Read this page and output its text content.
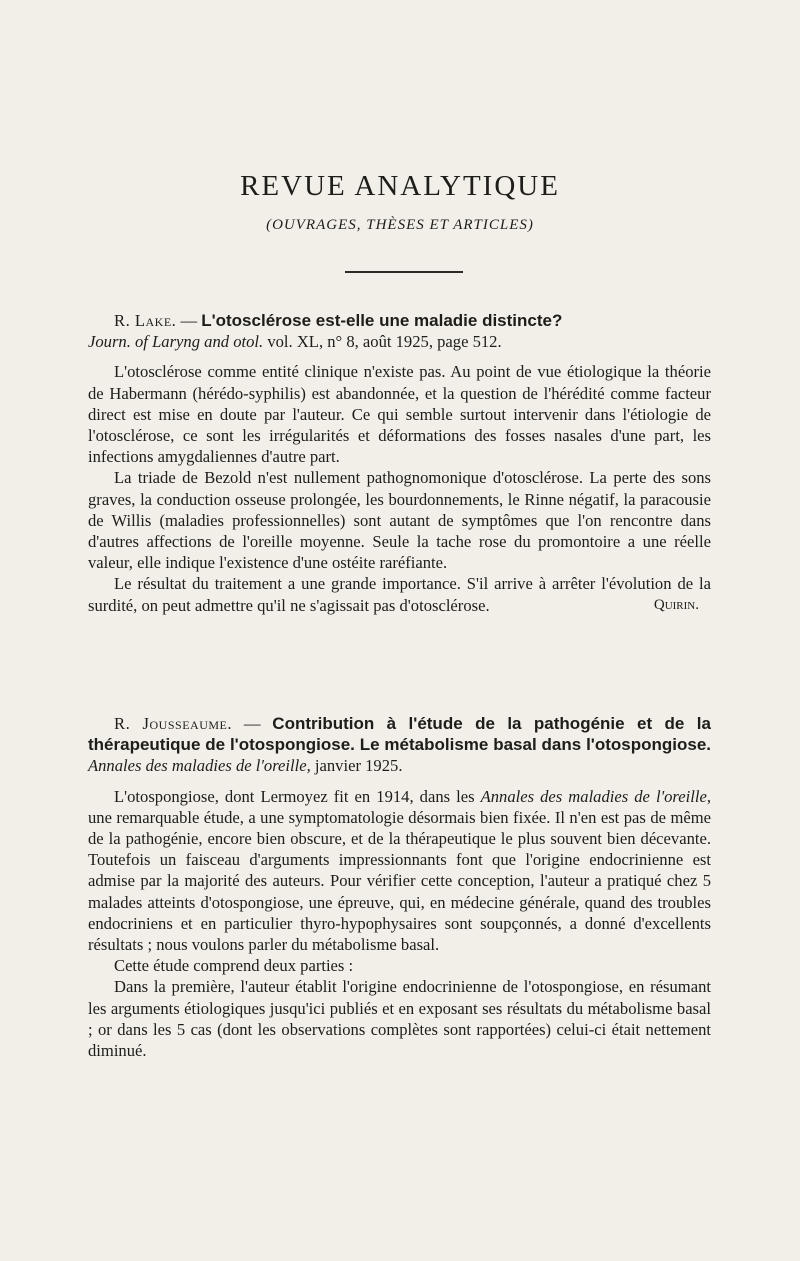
REVUE ANALYTIQUE
(OUVRAGES, THÈSES ET ARTICLES)

R. Lake. — L'otosclérose est-elle une maladie distincte?
Journ. of Laryng and otol. vol. XL, n° 8, août 1925, page 512.

L'otosclérose comme entité clinique n'existe pas. Au point de vue étiologique la théorie de Habermann (hérédo-syphilis) est abandonnée, et la question de l'hérédité comme facteur direct est mise en doute par l'auteur. Ce qui semble surtout intervenir dans l'étiologie de l'otosclérose, ce sont les irrégularités et déformations des fosses nasales d'une part, les infections amygdaliennes d'autre part.

La triade de Bezold n'est nullement pathognomonique d'otosclérose. La perte des sons graves, la conduction osseuse prolongée, les bourdonnements, le Rinne négatif, la paracousie de Willis (maladies professionnelles) sont autant de symptômes que l'on rencontre dans d'autres affections de l'oreille moyenne. Seule la tache rose du promontoire a une réelle valeur, elle indique l'existence d'une ostéite raréfiante.

Le résultat du traitement a une grande importance. S'il arrive à arrêter l'évolution de la surdité, on peut admettre qu'il ne s'agissait pas d'otosclérose.	Quirin.

R. Jousseaume. — Contribution à l'étude de la pathogénie et de la thérapeutique de l'otospongiose. Le métabolisme basal dans l'otospongiose. Annales des maladies de l'oreille, janvier 1925.

L'otospongiose, dont Lermoyez fit en 1914, dans les Annales des maladies de l'oreille, une remarquable étude, a une symptomatologie désormais bien fixée. Il n'en est pas de même de la pathogénie, encore bien obscure, et de la thérapeutique le plus souvent bien décevante. Toutefois un faisceau d'arguments impressionnants font que l'origine endocrinienne est admise par la majorité des auteurs. Pour vérifier cette conception, l'auteur a pratiqué chez 5 malades atteints d'otospongiose, une épreuve, qui, en médecine générale, quand des troubles endocriniens et en particulier thyro-hypophysaires sont soupçonnés, a donné d'excellents résultats ; nous voulons parler du métabolisme basal.

Cette étude comprend deux parties :

Dans la première, l'auteur établit l'origine endocrinienne de l'otospongiose, en résumant les arguments étiologiques jusqu'ici publiés et en exposant ses résultats du métabolisme basal ; or dans les 5 cas (dont les observations complètes sont rapportées) celui-ci était nettement diminué.
